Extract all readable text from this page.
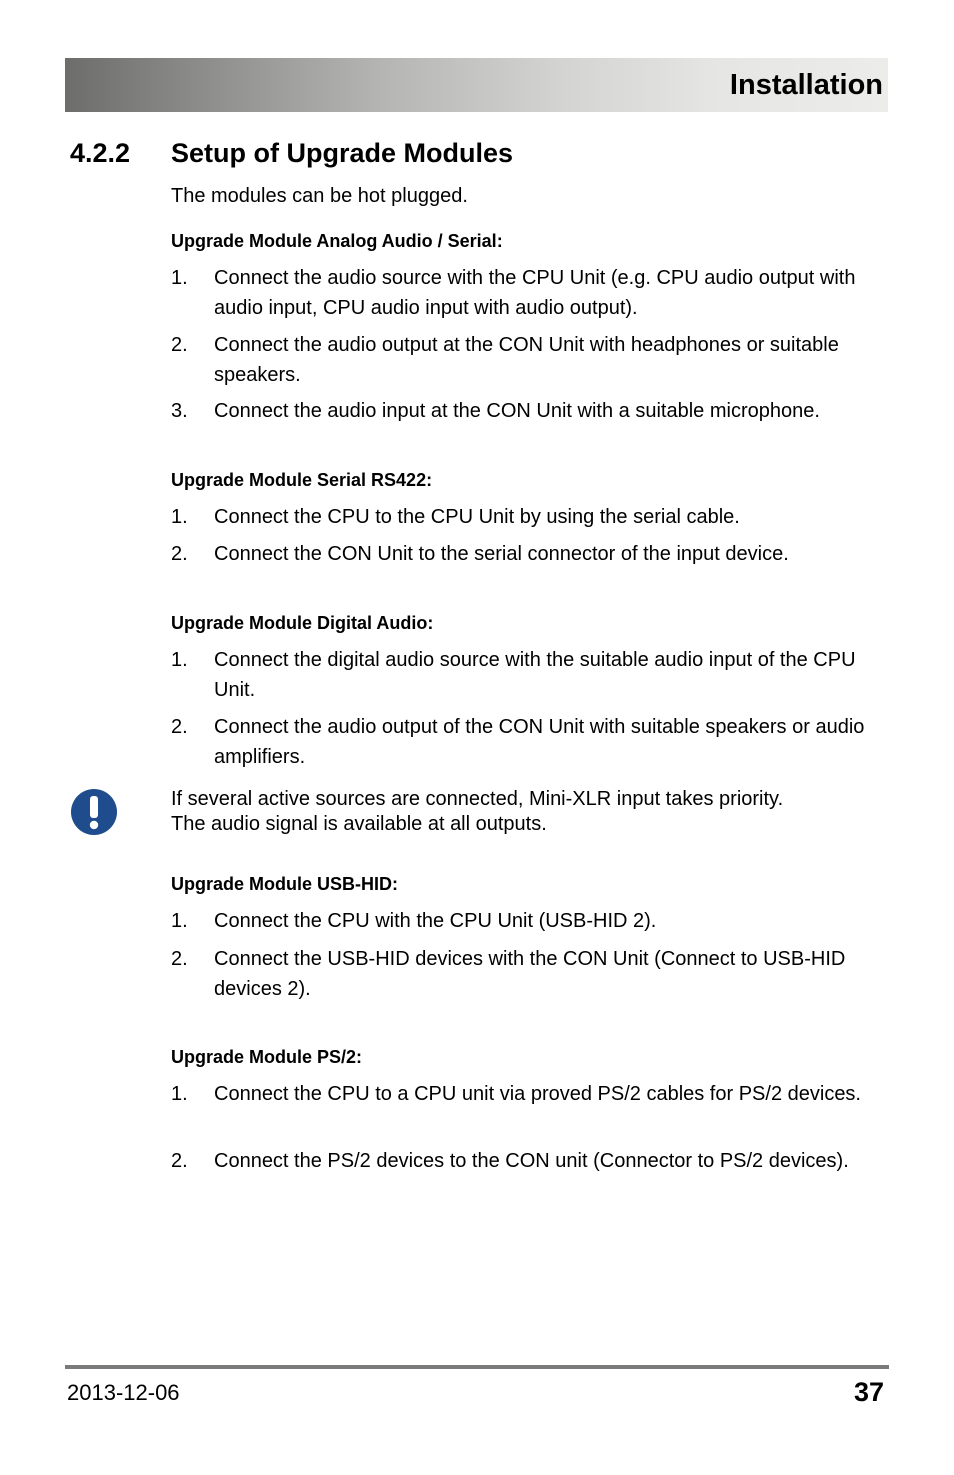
Installation
4.2.2 Setup of Upgrade Modules
The modules can be hot plugged.
Upgrade Module Analog Audio / Serial:
1. Connect the audio source with the CPU Unit (e.g. CPU audio output with audio input, CPU audio input with audio output).
2. Connect the audio output at the CON Unit with headphones or suitable speakers.
3. Connect the audio input at the CON Unit with a suitable microphone.
Upgrade Module Serial RS422:
1. Connect the CPU to the CPU Unit by using the serial cable.
2. Connect the CON Unit to the serial connector of the input device.
Upgrade Module Digital Audio:
1. Connect the digital audio source with the suitable audio input of the CPU Unit.
2. Connect the audio output of the CON Unit with suitable speakers or audio amplifiers.
If several active sources are connected, Mini-XLR input takes priority.
The audio signal is available at all outputs.
Upgrade Module USB-HID:
1. Connect the CPU with the CPU Unit (USB-HID 2).
2. Connect the USB-HID devices with the CON Unit (Connect to USB-HID devices 2).
Upgrade Module PS/2:
1. Connect the CPU to a CPU unit via proved PS/2 cables for PS/2 devices.
2. Connect the PS/2 devices to the CON unit (Connector to PS/2 devices).
2013-12-06	37
